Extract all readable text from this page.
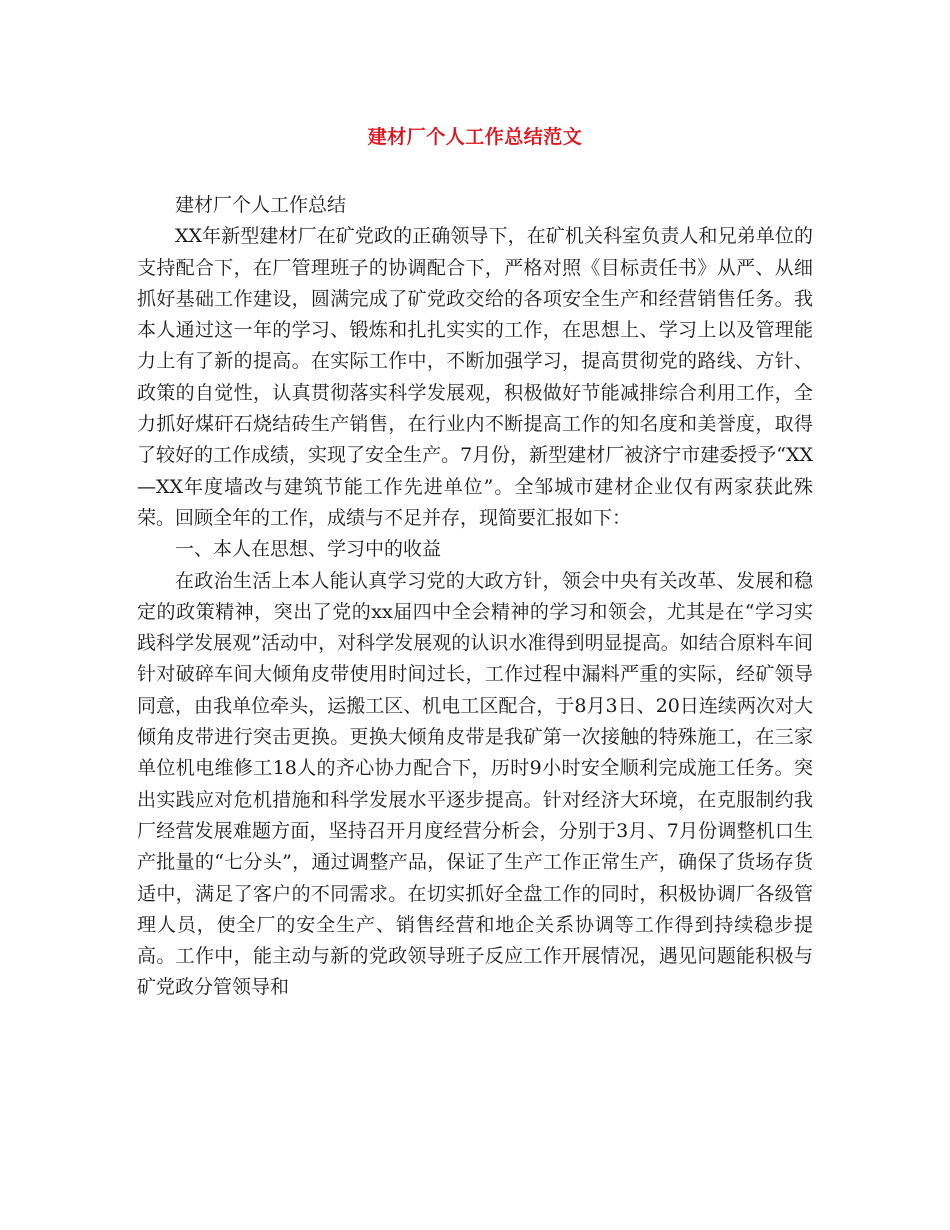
建材厂个人工作总结范文

建材厂个人工作总结

XX年新型建材厂在矿党政的正确领导下，在矿机关科室负责人和兄弟单位的支持配合下，在厂管理班子的协调配合下，严格对照《目标责任书》从严、从细抓好基础工作建设，圆满完成了矿党政交给的各项安全生产和经营销售任务。我本人通过这一年的学习、锻炼和扎扎实实的工作，在思想上、学习上以及管理能力上有了新的提高。在实际工作中，不断加强学习，提高贯彻党的路线、方针、政策的自觉性，认真贯彻落实科学发展观，积极做好节能减排综合利用工作，全力抓好煤矸石烧结砖生产销售，在行业内不断提高工作的知名度和美誉度，取得了较好的工作成绩，实现了安全生产。7月份，新型建材厂被济宁市建委授予“XX—XX年度墙改与建筑节能工作先进单位”。全邹城市建材企业仅有两家获此殊荣。回顾全年的工作，成绩与不足并存，现简要汇报如下：

一、本人在思想、学习中的收益

在政治生活上本人能认真学习党的大政方针，领会中央有关改革、发展和稳定的政策精神，突出了党的xx届四中全会精神的学习和领会，尤其是在“学习实践科学发展观”活动中，对科学发展观的认识水准得到明显提高。如结合原料车间针对破碎车间大倾角皮带使用时间过长，工作过程中漏料严重的实际，经矿领导同意，由我单位牵头，运搬工区、机电工区配合，于8月3日、20日连续两次对大倾角皮带进行突击更换。更换大倾角皮带是我矿第一次接触的特殊施工，在三家单位机电维修工18人的齐心协力配合下，历时9小时安全顺利完成施工任务。突出实践应对危机措施和科学发展水平逐步提高。针对经济大环境，在克服制约我厂经营发展难题方面，坚持召开月度经营分析会，分别于3月、7月份调整机口生产批量的“七分头”，通过调整产品，保证了生产工作正常生产，确保了货场存货适中，满足了客户的不同需求。在切实抓好全盘工作的同时，积极协调厂各级管理人员，使全厂的安全生产、销售经营和地企关系协调等工作得到持续稳步提高。工作中，能主动与新的党政领导班子反应工作开展情况，遇见问题能积极与矿党政分管领导和
